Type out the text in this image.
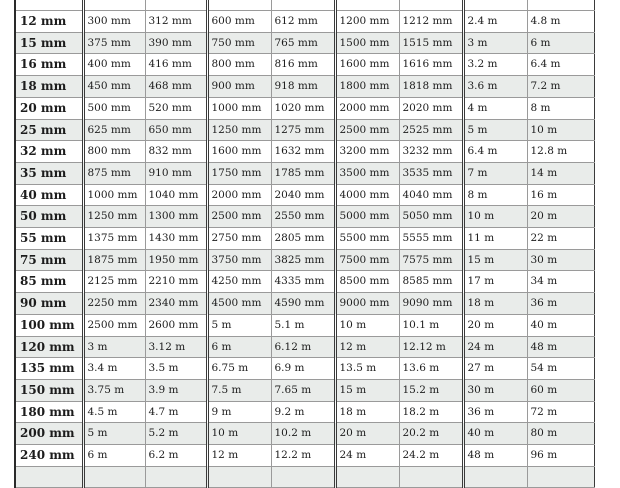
12 mm	300 mm	312 mm	600 mm	612 mm	1200 mm	1212 mm	2.4 m	4.8 m
15 mm	375 mm	390 mm	750 mm	765 mm	1500 mm	1515 mm	3 m	6 m
16 mm	400 mm	416 mm	800 mm	816 mm	1600 mm	1616 mm	3.2 m	6.4 m
18 mm	450 mm	468 mm	900 mm	918 mm	1800 mm	1818 mm	3.6 m	7.2 m
20 mm	500 mm	520 mm	1000 mm	1020 mm	2000 mm	2020 mm	4 m	8 m
25 mm	625 mm	650 mm	1250 mm	1275 mm	2500 mm	2525 mm	5 m	10 m
32 mm	800 mm	832 mm	1600 mm	1632 mm	3200 mm	3232 mm	6.4 m	12.8 m
35 mm	875 mm	910 mm	1750 mm	1785 mm	3500 mm	3535 mm	7 m	14 m
40 mm	1000 mm	1040 mm	2000 mm	2040 mm	4000 mm	4040 mm	8 m	16 m
50 mm	1250 mm	1300 mm	2500 mm	2550 mm	5000 mm	5050 mm	10 m	20 m
55 mm	1375 mm	1430 mm	2750 mm	2805 mm	5500 mm	5555 mm	11 m	22 m
75 mm	1875 mm	1950 mm	3750 mm	3825 mm	7500 mm	7575 mm	15 m	30 m
85 mm	2125 mm	2210 mm	4250 mm	4335 mm	8500 mm	8585 mm	17 m	34 m
90 mm	2250 mm	2340 mm	4500 mm	4590 mm	9000 mm	9090 mm	18 m	36 m
100 mm	2500 mm	2600 mm	5 m	5.1 m	10 m	10.1 m	20 m	40 m
120 mm	3 m	3.12 m	6 m	6.12 m	12 m	12.12 m	24 m	48 m
135 mm	3.4 m	3.5 m	6.75 m	6.9 m	13.5 m	13.6 m	27 m	54 m
150 mm	3.75 m	3.9 m	7.5 m	7.65 m	15 m	15.2 m	30 m	60 m
180 mm	4.5 m	4.7 m	9 m	9.2 m	18 m	18.2 m	36 m	72 m
200 mm	5 m	5.2 m	10 m	10.2 m	20 m	20.2 m	40 m	80 m
240 mm	6 m	6.2 m	12 m	12.2 m	24 m	24.2 m	48 m	96 m
